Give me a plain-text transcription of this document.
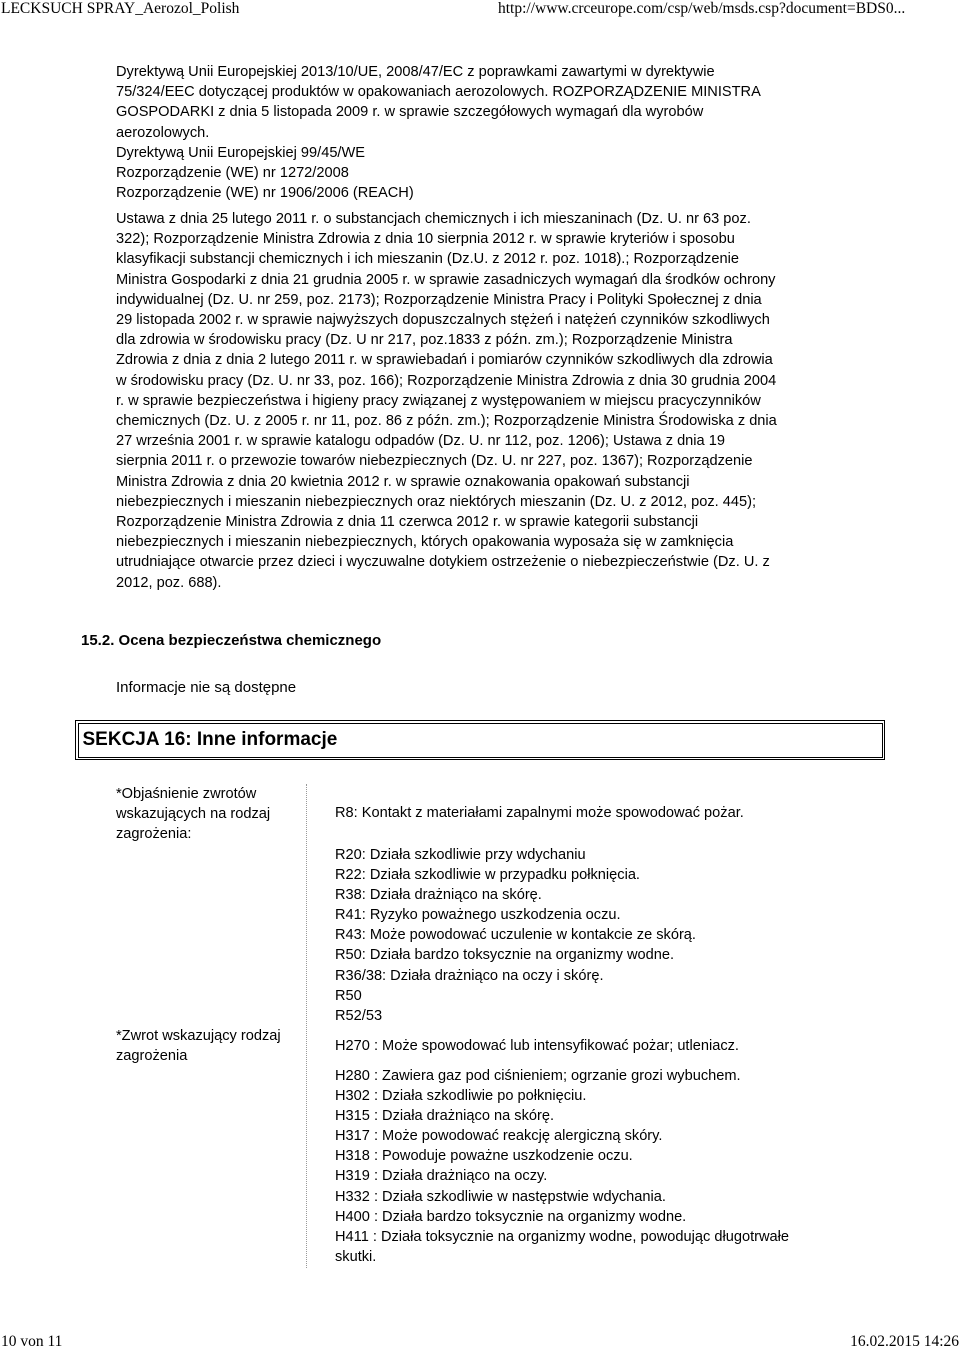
LECKSUCH SPRAY_Aerozol_Polish	http://www.crceurope.com/csp/web/msds.csp?document=BDS0...
Dyrektywą Unii Europejskiej 2013/10/UE, 2008/47/EC z poprawkami zawartymi w dyrektywie
75/324/EEC dotyczącej produktów w opakowaniach aerozolowych. ROZPORZĄDZENIE MINISTRA
GOSPODARKI z dnia 5 listopada 2009 r. w sprawie szczegółowych wymagań dla wyrobów
aerozolowych.
Dyrektywą Unii Europejskiej 99/45/WE
Rozporządzenie (WE) nr 1272/2008
Rozporządzenie (WE) nr 1906/2006 (REACH)
Ustawa z dnia 25 lutego 2011 r. o substancjach chemicznych i ich mieszaninach (Dz. U. nr 63 poz.
322); Rozporządzenie Ministra Zdrowia z dnia 10 sierpnia 2012 r. w sprawie kryteriów i sposobu
klasyfikacji substancji chemicznych i ich mieszanin (Dz.U. z 2012 r. poz. 1018).; Rozporządzenie
Ministra Gospodarki z dnia 21 grudnia 2005 r. w sprawie zasadniczych wymagań dla środków ochrony
indywidualnej (Dz. U. nr 259, poz. 2173); Rozporządzenie Ministra Pracy i Polityki Społecznej z dnia
29 listopada 2002 r. w sprawie najwyższych dopuszczalnych stężeń i natężeń czynników szkodliwych
dla zdrowia w środowisku pracy (Dz. U nr 217, poz.1833 z późn. zm.); Rozporządzenie Ministra
Zdrowia z dnia z dnia 2 lutego 2011 r. w sprawiebadań i pomiarów czynników szkodliwych dla zdrowia
w środowisku pracy (Dz. U. nr 33, poz. 166); Rozporządzenie Ministra Zdrowia z dnia 30 grudnia 2004
r. w sprawie bezpieczeństwa i higieny pracy związanej z występowaniem w miejscu pracyczynników
chemicznych (Dz. U. z 2005 r. nr 11, poz. 86 z późn. zm.); Rozporządzenie Ministra Środowiska z dnia
27 września 2001 r. w sprawie katalogu odpadów (Dz. U. nr 112, poz. 1206); Ustawa z dnia 19
sierpnia 2011 r. o przewozie towarów niebezpiecznych (Dz. U. nr 227, poz. 1367); Rozporządzenie
Ministra Zdrowia z dnia 20 kwietnia 2012 r. w sprawie oznakowania opakowań substancji
niebezpiecznych i mieszanin niebezpiecznych oraz niektórych mieszanin (Dz. U. z 2012, poz. 445);
Rozporządzenie Ministra Zdrowia z dnia 11 czerwca 2012 r. w sprawie kategorii substancji
niebezpiecznych i mieszanin niebezpiecznych, których opakowania wyposaża się w zamknięcia
utrudniające otwarcie przez dzieci i wyczuwalne dotykiem ostrzeżenie o niebezpieczeństwie (Dz. U. z
2012, poz. 688).
15.2. Ocena bezpieczeństwa chemicznego
Informacje nie są dostępne
SEKCJA 16: Inne informacje
*Objaśnienie zwrotów
wskazujących na rodzaj
zagrożenia:
*Zwrot wskazujący rodzaj
zagrożenia
R8: Kontakt z materiałami zapalnymi może spowodować pożar.
R20: Działa szkodliwie przy wdychaniu
R22: Działa szkodliwie w przypadku połknięcia.
R38: Działa drażniąco na skórę.
R41: Ryzyko poważnego uszkodzenia oczu.
R43: Może powodować uczulenie w kontakcie ze skórą.
R50: Działa bardzo toksycznie na organizmy wodne.
R36/38: Działa drażniąco na oczy i skórę.
R50
R52/53
H270 : Może spowodować lub intensyfikować pożar; utleniacz.
H280 : Zawiera gaz pod ciśnieniem; ogrzanie grozi wybuchem.
H302 : Działa szkodliwie po połknięciu.
H315 : Działa drażniąco na skórę.
H317 : Może powodować reakcję alergiczną skóry.
H318 : Powoduje poważne uszkodzenie oczu.
H319 : Działa drażniąco na oczy.
H332 : Działa szkodliwie w następstwie wdychania.
H400 : Działa bardzo toksycznie na organizmy wodne.
H411 : Działa toksycznie na organizmy wodne, powodując długotrwałe
skutki.
10 von 11	16.02.2015 14:26
